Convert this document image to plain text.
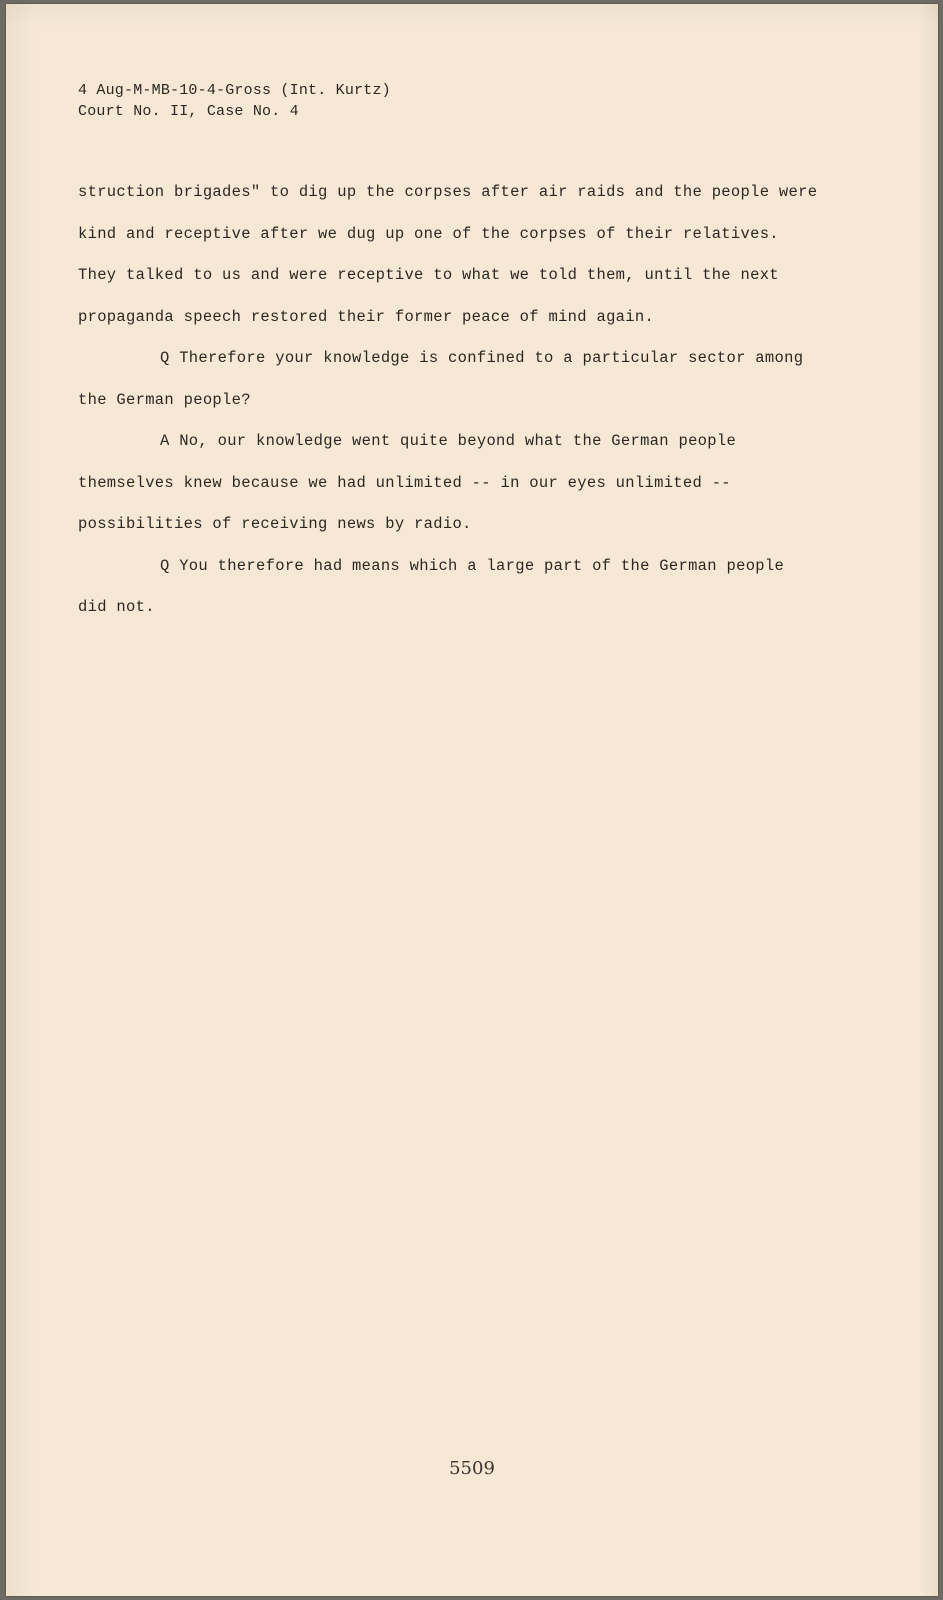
4 Aug-M-MB-10-4-Gross (Int. Kurtz)
Court No. II, Case No. 4

struction brigades" to dig up the corpses after air raids and the people were kind and receptive after we dug up one of the corpses of their relatives. They talked to us and were receptive to what we told them, until the next propaganda speech restored their former peace of mind again.

Q Therefore your knowledge is confined to a particular sector among the German people?

A No, our knowledge went quite beyond what the German people themselves knew because we had unlimited -- in our eyes unlimited -- possibilities of receiving news by radio.

Q You therefore had means which a large part of the German people did not.

5509
